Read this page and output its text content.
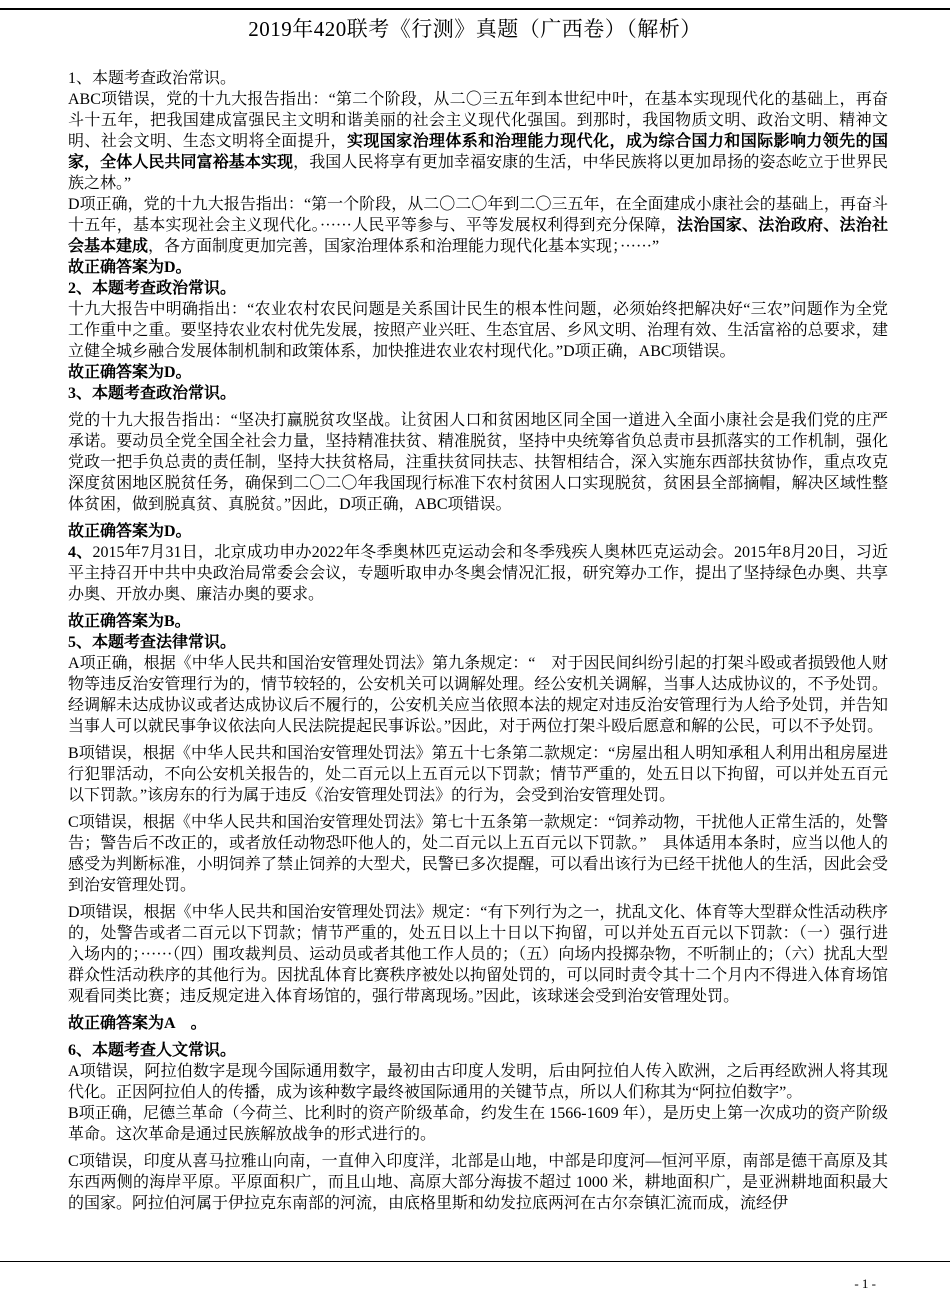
2019年420联考《行测》真题（广西卷）（解析）

1、本题考查政治常识。

ABC项错误，党的十九大报告指出：“第二个阶段，从二〇三五年到本世纪中叶，在基本实现现代化的基础上，再奋斗十五年，把我国建成富强民主文明和谐美丽的社会主义现代化强国。到那时，我国物质文明、政治文明、精神文明、社会文明、生态文明将全面提升，实现国家治理体系和治理能力现代化，成为综合国力和国际影响力领先的国家，全体人民共同富裕基本实现，我国人民将享有更加幸福安康的生活，中华民族将以更加昂扬的姿态屹立于世界民族之林。”

D项正确，党的十九大报告指出：“第一个阶段，从二〇二〇年到二〇三五年，在全面建成小康社会的基础上，再奋斗十五年，基本实现社会主义现代化。······人民平等参与、平等发展权利得到充分保障，法治国家、法治政府、法治社会基本建成，各方面制度更加完善，国家治理体系和治理能力现代化基本实现；······”

故正确答案为D。

2、本题考查政治常识。

十九大报告中明确指出：“农业农村农民问题是关系国计民生的根本性问题，必须始终把解决好“三农”问题作为全党工作重中之重。要坚持农业农村优先发展，按照产业兴旺、生态宜居、乡风文明、治理有效、生活富裕的总要求，建立健全城乡融合发展体制机制和政策体系，加快推进农业农村现代化。”D项正确，ABC项错误。

故正确答案为D。

3、本题考查政治常识。

党的十九大报告指出：“坚决打赢脱贫攻坚战。让贫困人口和贫困地区同全国一道进入全面小康社会是我们党的庄严承诺。要动员全党全国全社会力量，坚持精准扶贫、精准脱贫，坚持中央统筹省负总责市县抓落实的工作机制，强化党政一把手负总责的责任制，坚持大扶贫格局，注重扶贫同扶志、扶智相结合，深入实施东西部扶贫协作，重点攻克深度贫困地区脱贫任务，确保到二〇二〇年我国现行标准下农村贫困人口实现脱贫，贫困县全部摘帽，解决区域性整体贫困，做到脱真贫、真脱贫。”因此，D项正确，ABC项错误。

故正确答案为D。

4、2015年7月31日，北京成功申办2022年冬季奥林匹克运动会和冬季残疾人奥林匹克运动会。2015年8月20日，习近平主持召开中共中央政治局常委会会议，专题听取申办冬奥会情况汇报，研究筹办工作，提出了坚持绿色办奥、共享办奥、开放办奥、廉洁办奥的要求。

故正确答案为B。

5、本题考查法律常识。

A项正确，根据《中华人民共和国治安管理处罚法》第九条规定：“　对于因民间纠纷引起的打架斗殴或者损毁他人财物等违反治安管理行为的，情节较轻的，公安机关可以调解处理。经公安机关调解，当事人达成协议的，不予处罚。经调解未达成协议或者达成协议后不履行的，公安机关应当依照本法的规定对违反治安管理行为人给予处罚，并告知当事人可以就民事争议依法向人民法院提起民事诉讼。”因此，对于两位打架斗殴后愿意和解的公民，可以不予处罚。

B项错误，根据《中华人民共和国治安管理处罚法》第五十七条第二款规定：“房屋出租人明知承租人利用出租房屋进行犯罪活动，不向公安机关报告的，处二百元以上五百元以下罚款；情节严重的，处五日以下拘留，可以并处五百元以下罚款。”该房东的行为属于违反《治安管理处罚法》的行为，会受到治安管理处罚。

C项错误，根据《中华人民共和国治安管理处罚法》第七十五条第一款规定：“饲养动物，干扰他人正常生活的，处警告；警告后不改正的，或者放任动物恐吓他人的，处二百元以上五百元以下罚款。”　具体适用本条时，应当以他人的感受为判断标准，小明饲养了禁止饲养的大型犬，民警已多次提醒，可以看出该行为已经干扰他人的生活，因此会受到治安管理处罚。

D项错误，根据《中华人民共和国治安管理处罚法》规定：“有下列行为之一，扰乱文化、体育等大型群众性活动秩序的，处警告或者二百元以下罚款；情节严重的，处五日以上十日以下拘留，可以并处五百元以下罚款：（一）强行进入场内的；······（四）围攻裁判员、运动员或者其他工作人员的；（五）向场内投掷杂物，不听制止的；（六）扰乱大型群众性活动秩序的其他行为。因扰乱体育比赛秩序被处以拘留处罚的，可以同时责令其十二个月内不得进入体育场馆观看同类比赛；违反规定进入体育场馆的，强行带离现场。”因此，该球迷会受到治安管理处罚。

故正确答案为A　。

6、本题考查人文常识。

A项错误，阿拉伯数字是现今国际通用数字，最初由古印度人发明，后由阿拉伯人传入欧洲，之后再经欧洲人将其现代化。正因阿拉伯人的传播，成为该种数字最终被国际通用的关键节点，所以人们称其为“阿拉伯数字”。

B项正确，尼德兰革命（今荷兰、比利时的资产阶级革命，约发生在 1566-1609 年），是历史上第一次成功的资产阶级革命。这次革命是通过民族解放战争的形式进行的。

C项错误，印度从喜马拉雅山向南，一直伸入印度洋，北部是山地，中部是印度河—恒河平原，南部是德干高原及其东西两侧的海岸平原。平原面积广，而且山地、高原大部分海拔不超过 1000 米，耕地面积广，是亚洲耕地面积最大的国家。阿拉伯河属于伊拉克东南部的河流，由底格里斯和幼发拉底两河在古尔奈镇汇流而成，流经伊

- 1 -
